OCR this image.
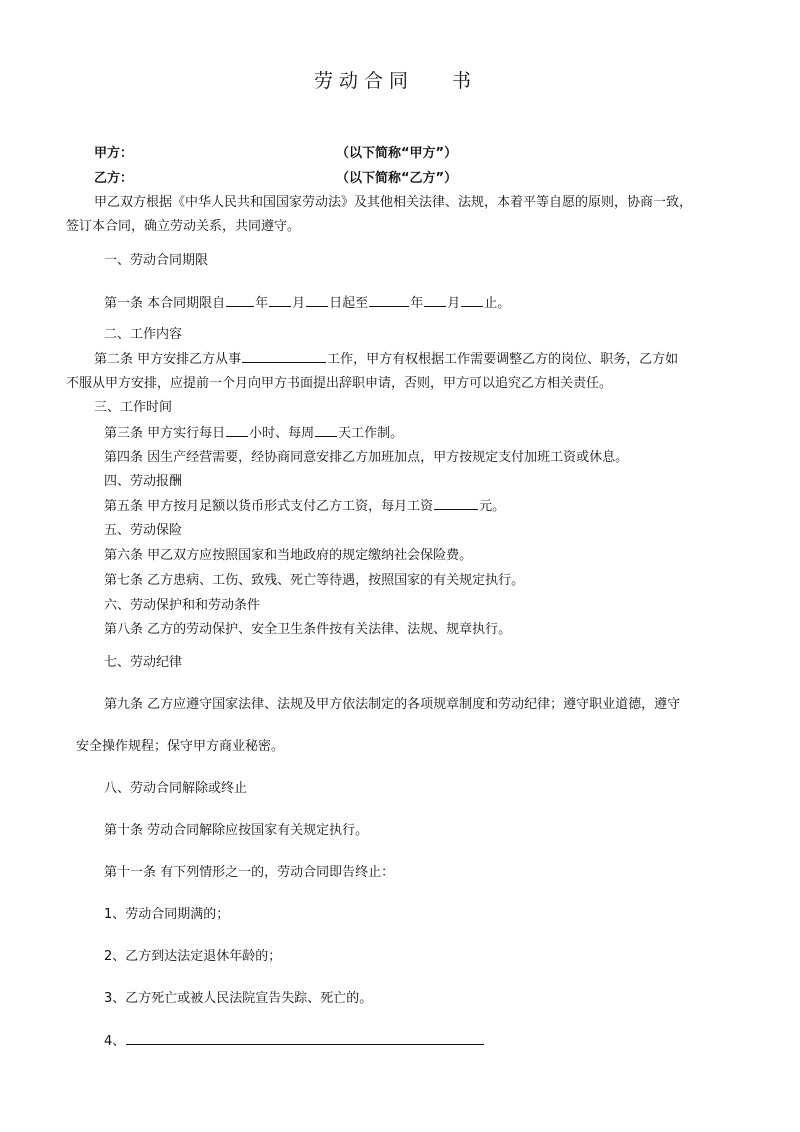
劳动合同 书
甲方：	（以下简称“甲方”）
乙方：	（以下简称“乙方”）
甲乙双方根据《中华人民共和国国家劳动法》及其他相关法律、法规，本着平等自愿的原则，协商一致，
签订本合同，确立劳动关系，共同遵守。
一、劳动合同期限
第一条 本合同期限自 年 月 日起至	年 月 止。
二、工作内容
第二条 甲方安排乙方从事	工作，甲方有权根据工作需要调整乙方的岗位、职务，乙方如
不服从甲方安排，应提前一个月向甲方书面提出辞职申请，否则，甲方可以追究乙方相关责任。
三、工作时间
第三条 甲方实行每日 小时、每周 天工作制。
第四条 因生产经营需要，经协商同意安排乙方加班加点，甲方按规定支付加班工资或休息。
四、劳动报酬
第五条 甲方按月足额以货币形式支付乙方工资，每月工资	元。
五、劳动保险
第六条 甲乙双方应按照国家和当地政府的规定缴纳社会保险费。
第七条 乙方患病、工伤、致残、死亡等待遇，按照国家的有关规定执行。
六、劳动保护和和劳动条件
第八条 乙方的劳动保护、安全卫生条件按有关法律、法规、规章执行。
七、劳动纪律
第九条 乙方应遵守国家法律、法规及甲方依法制定的各项规章制度和劳动纪律；遵守职业道德，遵守
安全操作规程；保守甲方商业秘密。
八、劳动合同解除或终止
第十条 劳动合同解除应按国家有关规定执行。
第十一条 有下列情形之一的，劳动合同即告终止：
1、劳动合同期满的；
2、乙方到达法定退休年龄的；
3、乙方死亡或被人民法院宣告失踪、死亡的。
4、
